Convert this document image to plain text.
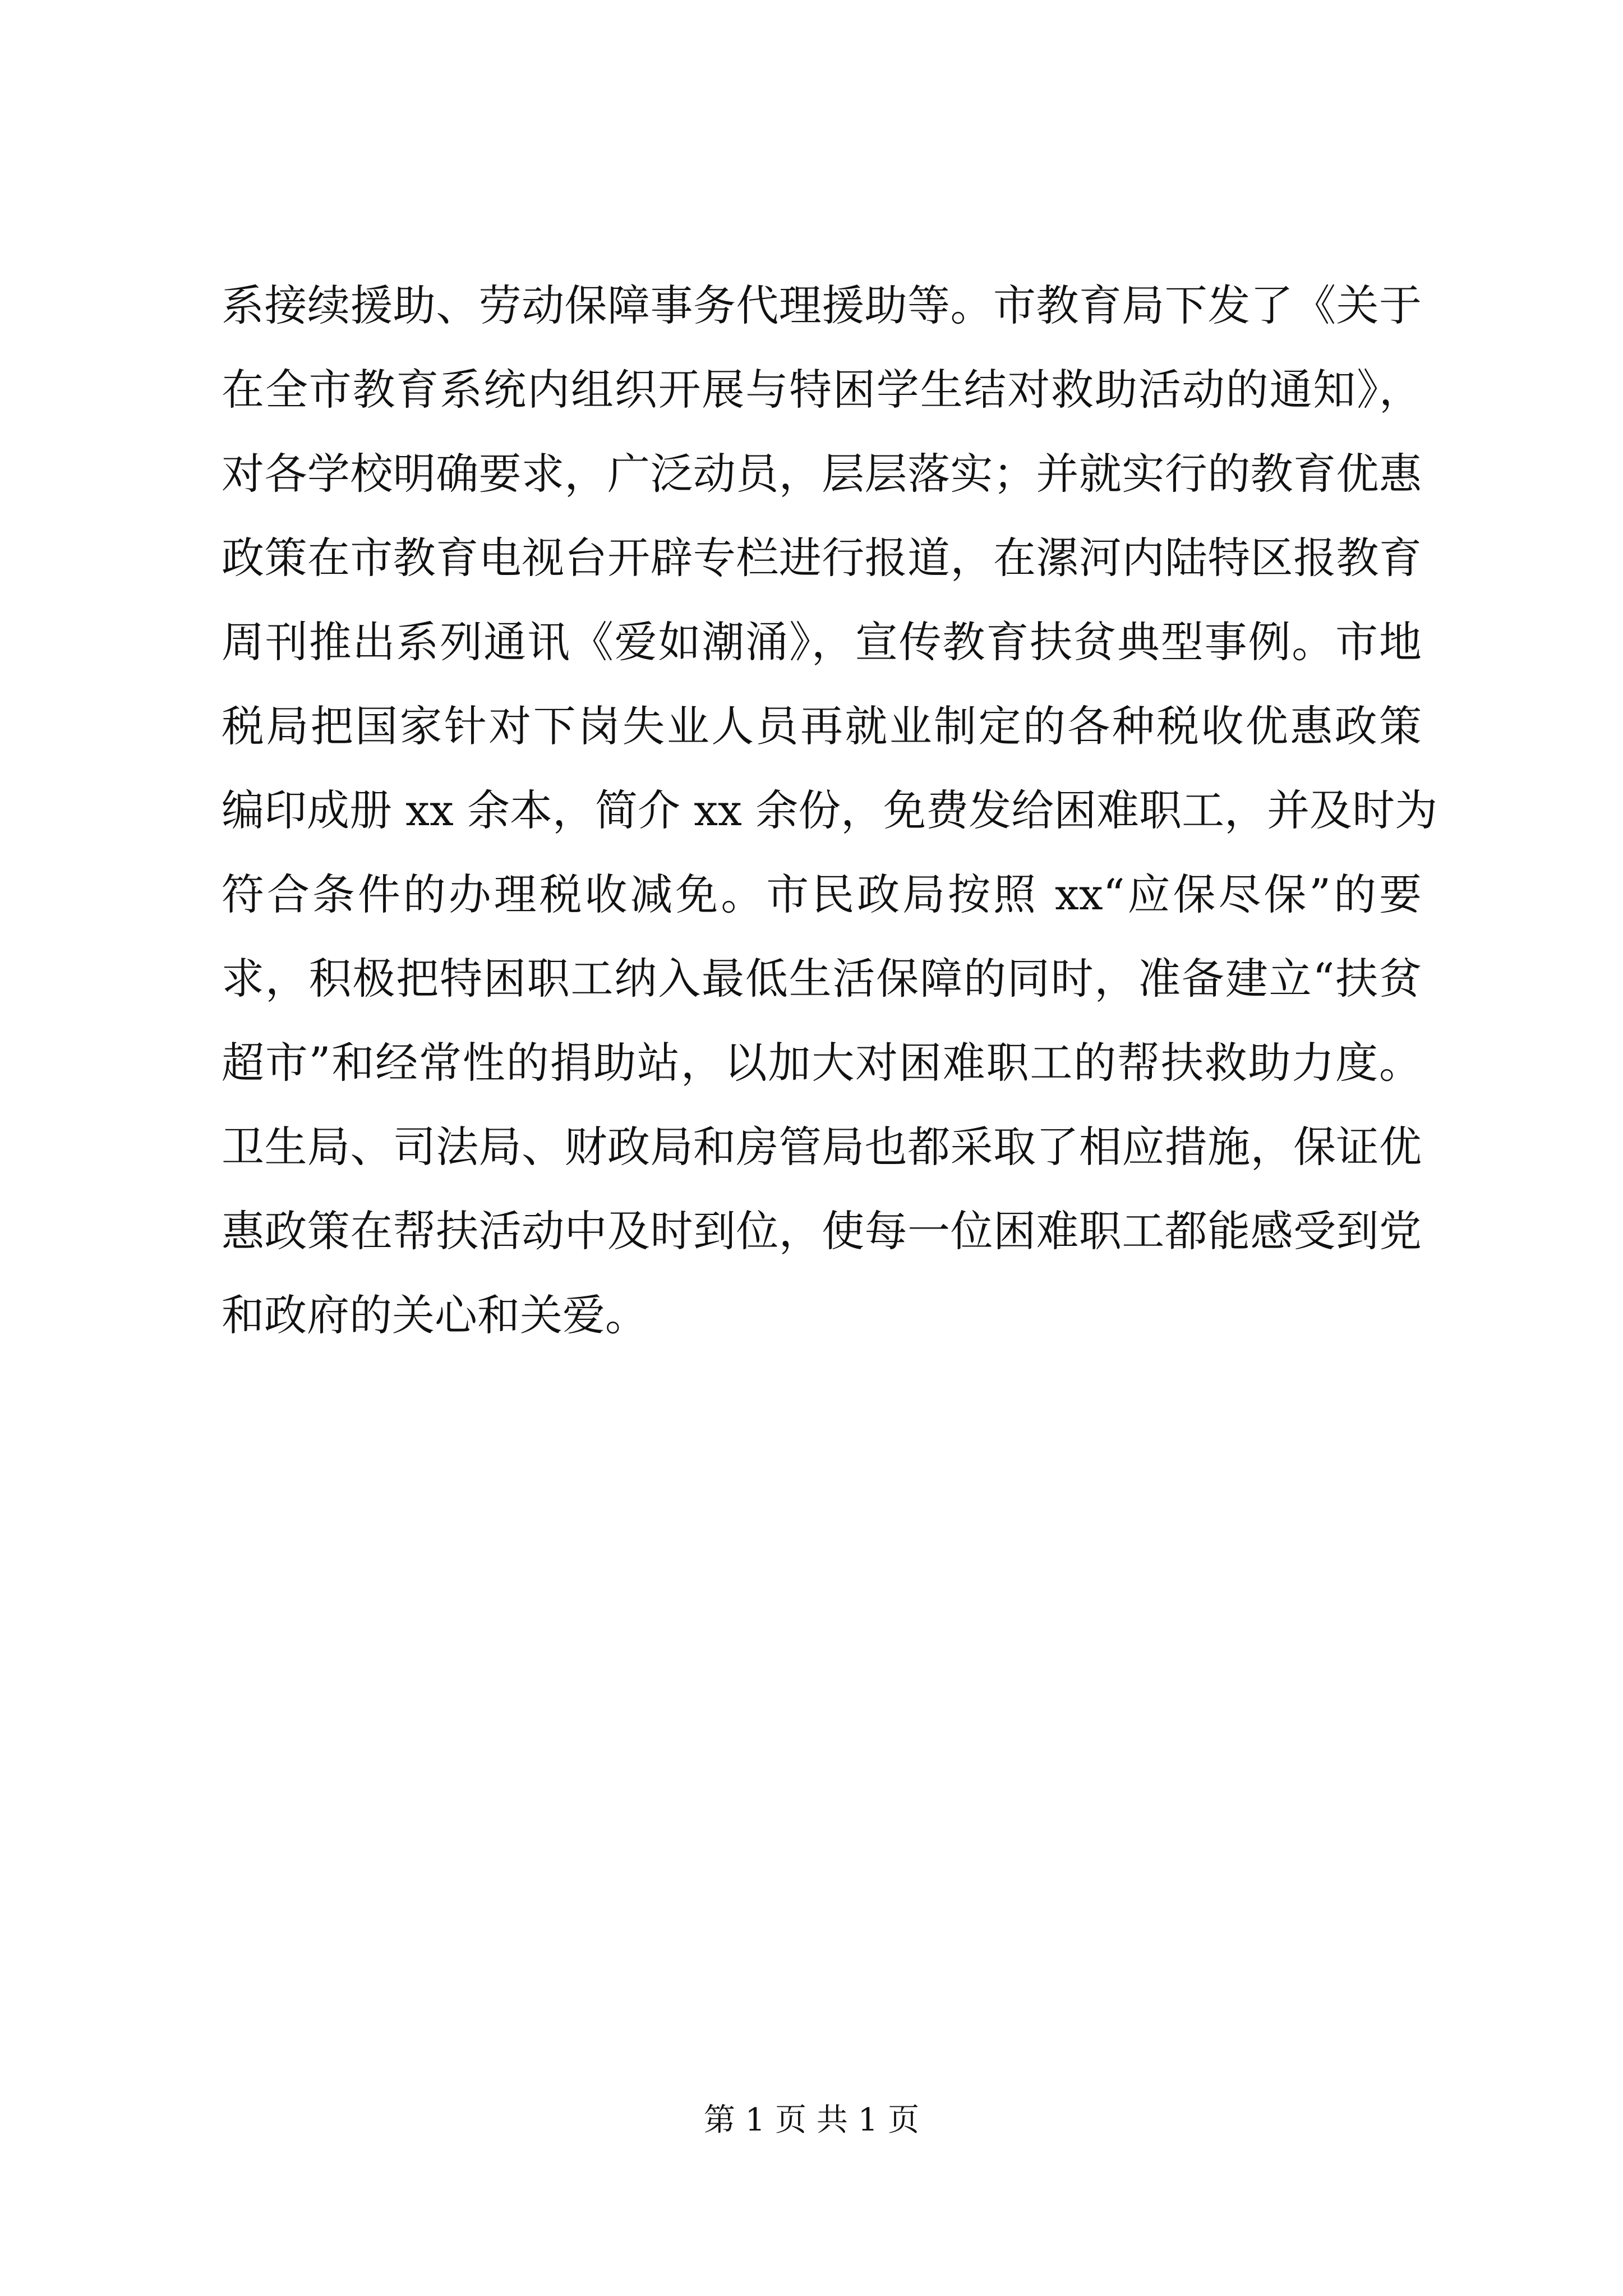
系接续援助、劳动保障事务代理援助等。市教育局下发了《关于
在全市教育系统内组织开展与特困学生结对救助活动的通知》，
对各学校明确要求，广泛动员，层层落实；并就实行的教育优惠
政策在市教育电视台开辟专栏进行报道，在漯河内陆特区报教育
周刊推出系列通讯《爱如潮涌》，宣传教育扶贫典型事例。市地
税局把国家针对下岗失业人员再就业制定的各种税收优惠政策
编印成册 xx 余本，简介 xx 余份，免费发给困难职工，并及时为
符合条件的办理税收减免。市民政局按照 xx“应保尽保”的要
求，积极把特困职工纳入最低生活保障的同时，准备建立“扶贫
超市”和经常性的捐助站，以加大对困难职工的帮扶救助力度。
卫生局、司法局、财政局和房管局也都采取了相应措施，保证优
惠政策在帮扶活动中及时到位，使每一位困难职工都能感受到党
和政府的关心和关爱。
第 1 页 共 1 页
